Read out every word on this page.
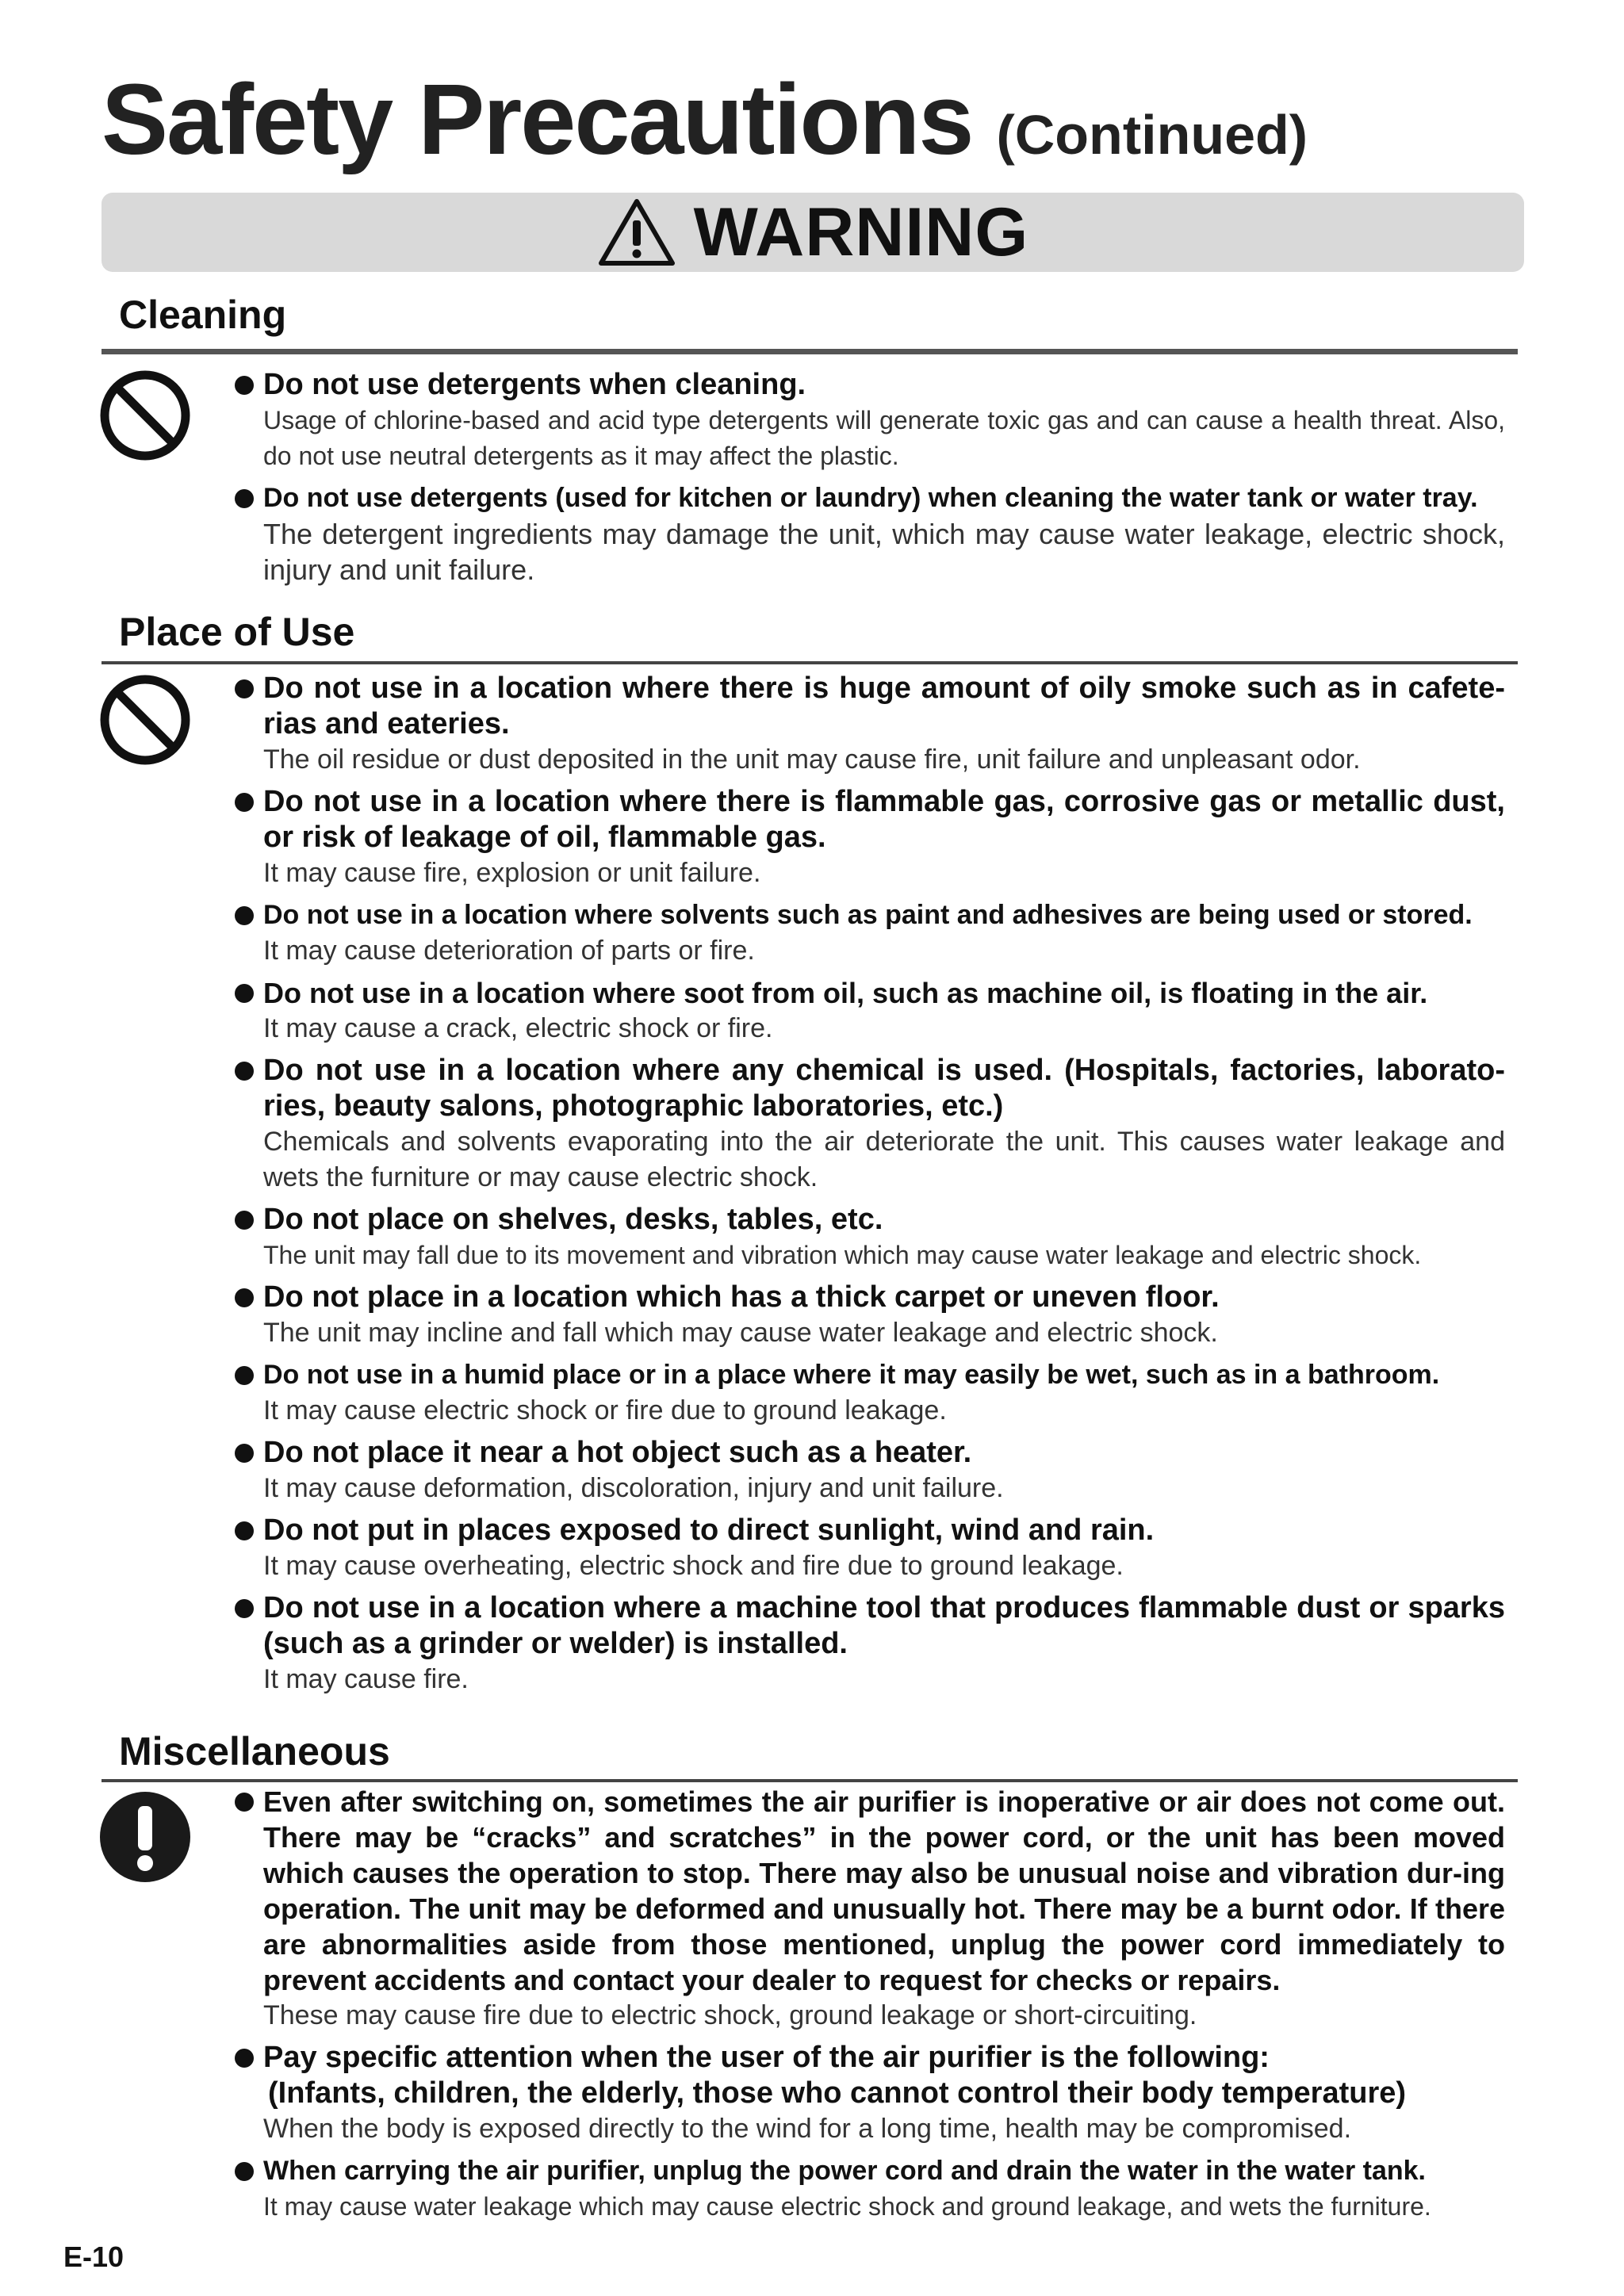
Safety Precautions (Continued)
WARNING
Cleaning
Do not use detergents when cleaning.
Usage of chlorine-based and acid type detergents will generate toxic gas and can cause a health threat. Also, do not use neutral detergents as it may affect the plastic.
Do not use detergents (used for kitchen or laundry) when cleaning the water tank or water tray.
The detergent ingredients may damage the unit, which may cause water leakage, electric shock, injury and unit failure.
Place of Use
Do not use in a location where there is huge amount of oily smoke such as in cafete-rias and eateries.
The oil residue or dust deposited in the unit may cause fire, unit failure and unpleasant odor.
Do not use in a location where there is flammable gas, corrosive gas or metallic dust, or risk of leakage of oil, flammable gas.
It may cause fire, explosion or unit failure.
Do not use in a location where solvents such as paint and adhesives are being used or stored.
It may cause deterioration of parts or fire.
Do not use in a location where soot from oil, such as machine oil, is floating in the air.
It may cause a crack, electric shock or fire.
Do not use in a location where any chemical is used. (Hospitals, factories, laborato-ries, beauty salons, photographic laboratories, etc.)
Chemicals and solvents evaporating into the air deteriorate the unit. This causes water leakage and wets the furniture or may cause electric shock.
Do not place on shelves, desks, tables, etc.
The unit may fall due to its movement and vibration which may cause water leakage and electric shock.
Do not place in a location which has a thick carpet or uneven floor.
The unit may incline and fall which may cause water leakage and electric shock.
Do not use in a humid place or in a place where it may easily be wet, such as in a bathroom.
It may cause electric shock or fire due to ground leakage.
Do not place it near a hot object such as a heater.
It may cause deformation, discoloration, injury and unit failure.
Do not put in places exposed to direct sunlight, wind and rain.
It may cause overheating, electric shock and fire due to ground leakage.
Do not use in a location where a machine tool that produces flammable dust or sparks (such as a grinder or welder) is installed.
It may cause fire.
Miscellaneous
Even after switching on, sometimes the air purifier is inoperative or air does not come out. There may be “cracks” and scratches” in the power cord, or the unit has been moved which causes the operation to stop. There may also be unusual noise and vibration dur-ing operation. The unit may be deformed and unusually hot. There may be a burnt odor. If there are abnormalities aside from those mentioned, unplug the power cord immediately to prevent accidents and contact your dealer to request for checks or repairs.
These may cause fire due to electric shock, ground leakage or short-circuiting.
Pay specific attention when the user of the air purifier is the following:
(Infants, children, the elderly, those who cannot control their body temperature)
When the body is exposed directly to the wind for a long time, health may be compromised.
When carrying the air purifier, unplug the power cord and drain the water in the water tank.
It may cause water leakage which may cause electric shock and ground leakage, and wets the furniture.
E-10
